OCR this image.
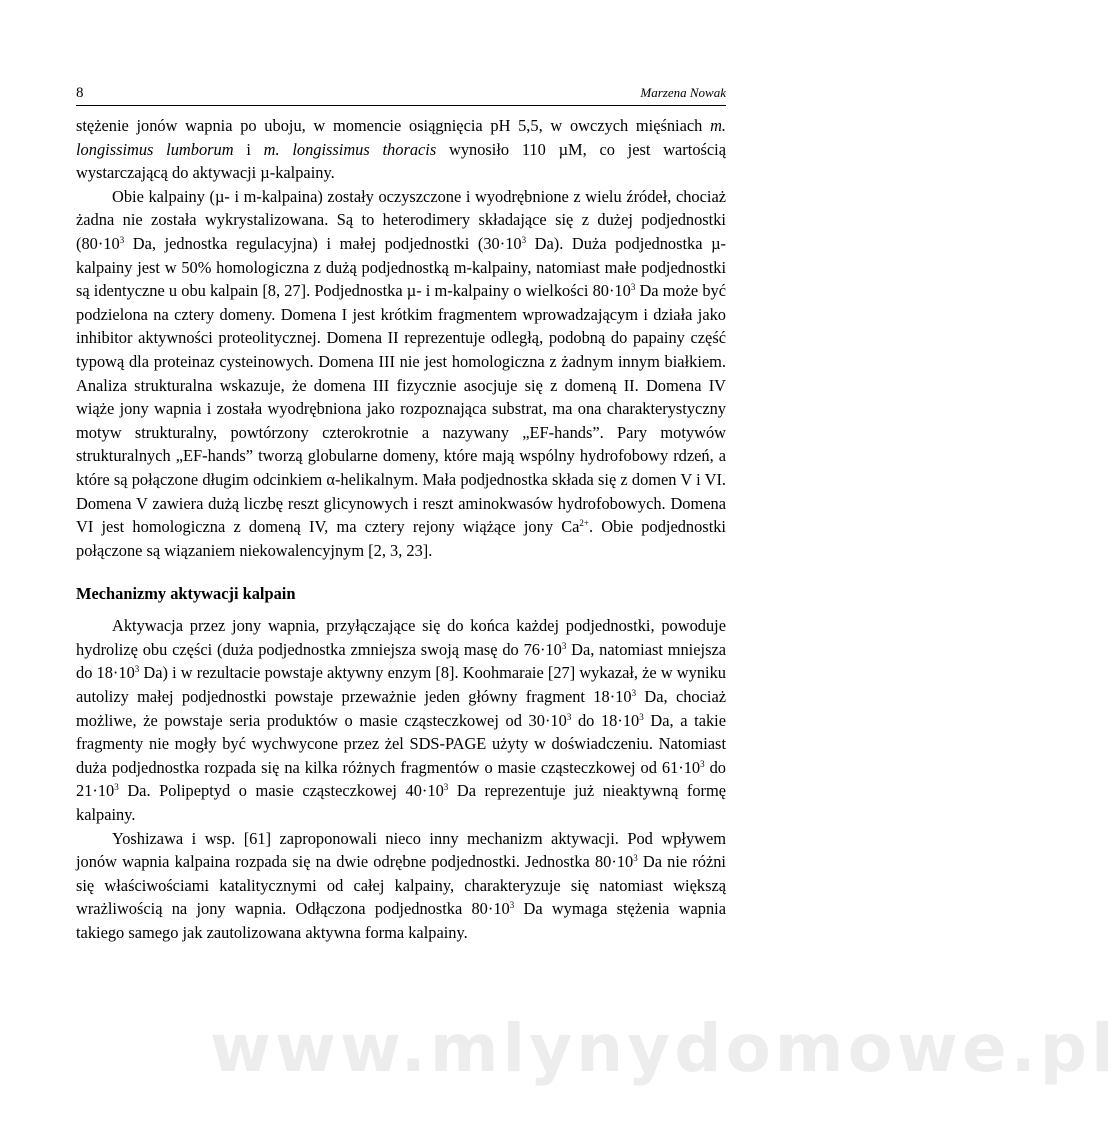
8	Marzena Nowak

stężenie jonów wapnia po uboju, w momencie osiągnięcia pH 5,5, w owczych mięśniach m. longissimus lumborum i m. longissimus thoracis wynosiło 110 µM, co jest wartością wystarczającą do aktywacji µ-kalpainy.

Obie kalpainy (µ- i m-kalpaina) zostały oczyszczone i wyodrębnione z wielu źródeł, chociaż żadna nie została wykrystalizowana. Są to heterodimery składające się z dużej podjednostki ($80\cdot 10^3$ Da, jednostka regulacyjna) i małej podjednostki ($30\cdot 10^3$ Da). Duża podjednostka µ-kalpainy jest w 50% homologiczna z dużą podjednostką m-kalpainy, natomiast małe podjednostki są identyczne u obu kalpain [8, 27]. Podjednostka µ- i m-kalpainy o wielkości $80\cdot 10^3$ Da może być podzielona na cztery domeny. Domena I jest krótkim fragmentem wprowadzającym i działa jako inhibitor aktywności proteolitycznej. Domena II reprezentuje odległą, podobną do papainy część typową dla proteinaz cysteinowych. Domena III nie jest homologiczna z żadnym innym białkiem. Analiza strukturalna wskazuje, że domena III fizycznie asocjuje się z domeną II. Domena IV wiąże jony wapnia i została wyodrębniona jako rozpoznająca substrat, ma ona charakterystyczny motyw strukturalny, powtórzony czterokrotnie a nazywany „EF-hands”. Pary motywów strukturalnych „EF-hands” tworzą globularne domeny, które mają wspólny hydrofobowy rdzeń, a które są połączone długim odcinkiem α-helikalnym. Mała podjednostka składa się z domen V i VI. Domena V zawiera dużą liczbę reszt glicynowych i reszt aminokwasów hydrofobowych. Domena VI jest homologiczna z domeną IV, ma cztery rejony wiążące jony $Ca^{2+}$. Obie podjednostki połączone są wiązaniem niekowalencyjnym [2, 3, 23].

Mechanizmy aktywacji kalpain

Aktywacja przez jony wapnia, przyłączające się do końca każdej podjednostki, powoduje hydrolizę obu części (duża podjednostka zmniejsza swoją masę do $76\cdot 10^3$ Da, natomiast mniejsza do $18\cdot 10^3$ Da) i w rezultacie powstaje aktywny enzym [8]. Koohmaraie [27] wykazał, że w wyniku autolizy małej podjednostki powstaje przeważnie jeden główny fragment $18\cdot 10^3$ Da, chociaż możliwe, że powstaje seria produktów o masie cząsteczkowej od $30\cdot 10^3$ do $18\cdot 10^3$ Da, a takie fragmenty nie mogły być wychwycone przez żel SDS-PAGE użyty w doświadczeniu. Natomiast duża podjednostka rozpada się na kilka różnych fragmentów o masie cząsteczkowej od $61\cdot 10^3$ do $21\cdot 10^3$ Da. Polipeptyd o masie cząsteczkowej $40\cdot 10^3$ Da reprezentuje już nieaktywną formę kalpainy.

Yoshizawa i wsp. [61] zaproponowali nieco inny mechanizm aktywacji. Pod wpływem jonów wapnia kalpaina rozpada się na dwie odrębne podjednostki. Jednostka $80\cdot 10^3$ Da nie różni się właściwościami katalitycznymi od całej kalpainy, charakteryzuje się natomiast większą wrażliwością na jony wapnia. Odłączona podjednostka $80\cdot 10^3$ Da wymaga stężenia wapnia takiego samego jak zautolizowana aktywna forma kalpainy.

www.mlynydomowe.pl
